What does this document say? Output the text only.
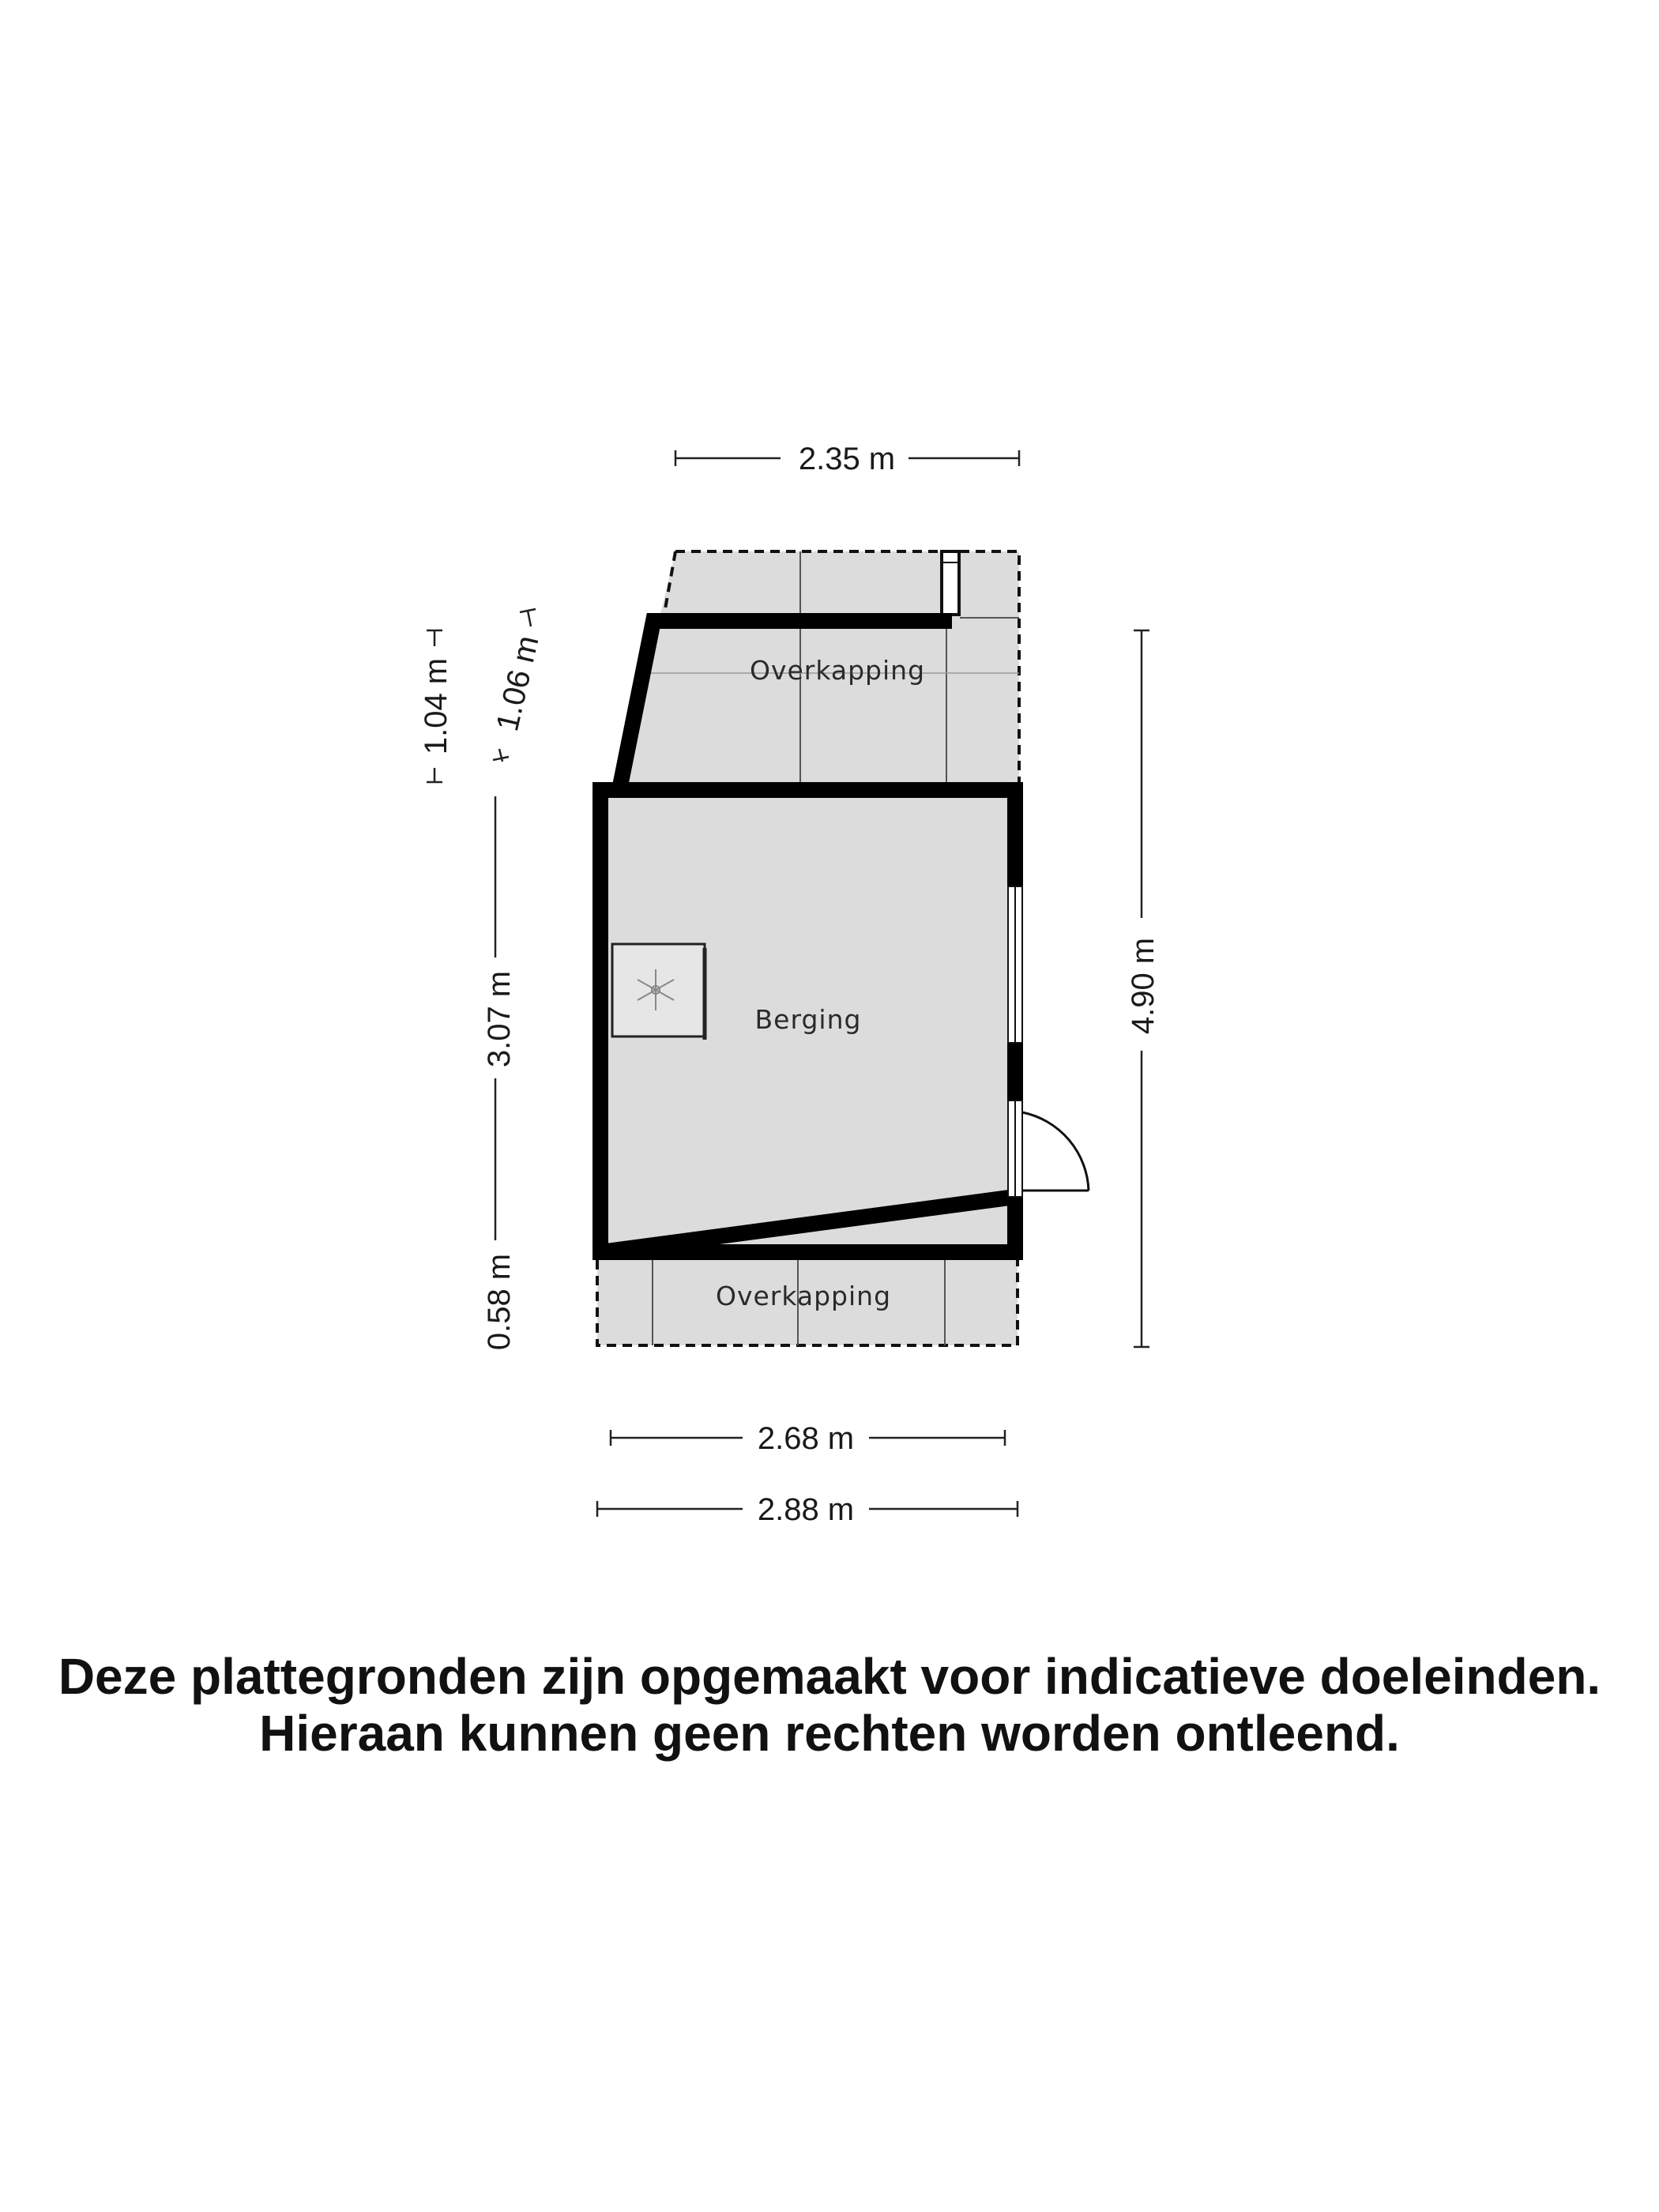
Overkapping
Berging
Overkapping
2.35 m
4.90 m
3.07 m
0.58 m
1.04 m 1.06 m
2.68 m
2.88 m
Deze plattegronden zijn opgemaakt voor indicatieve doeleinden.
Hieraan kunnen geen rechten worden ontleend.
